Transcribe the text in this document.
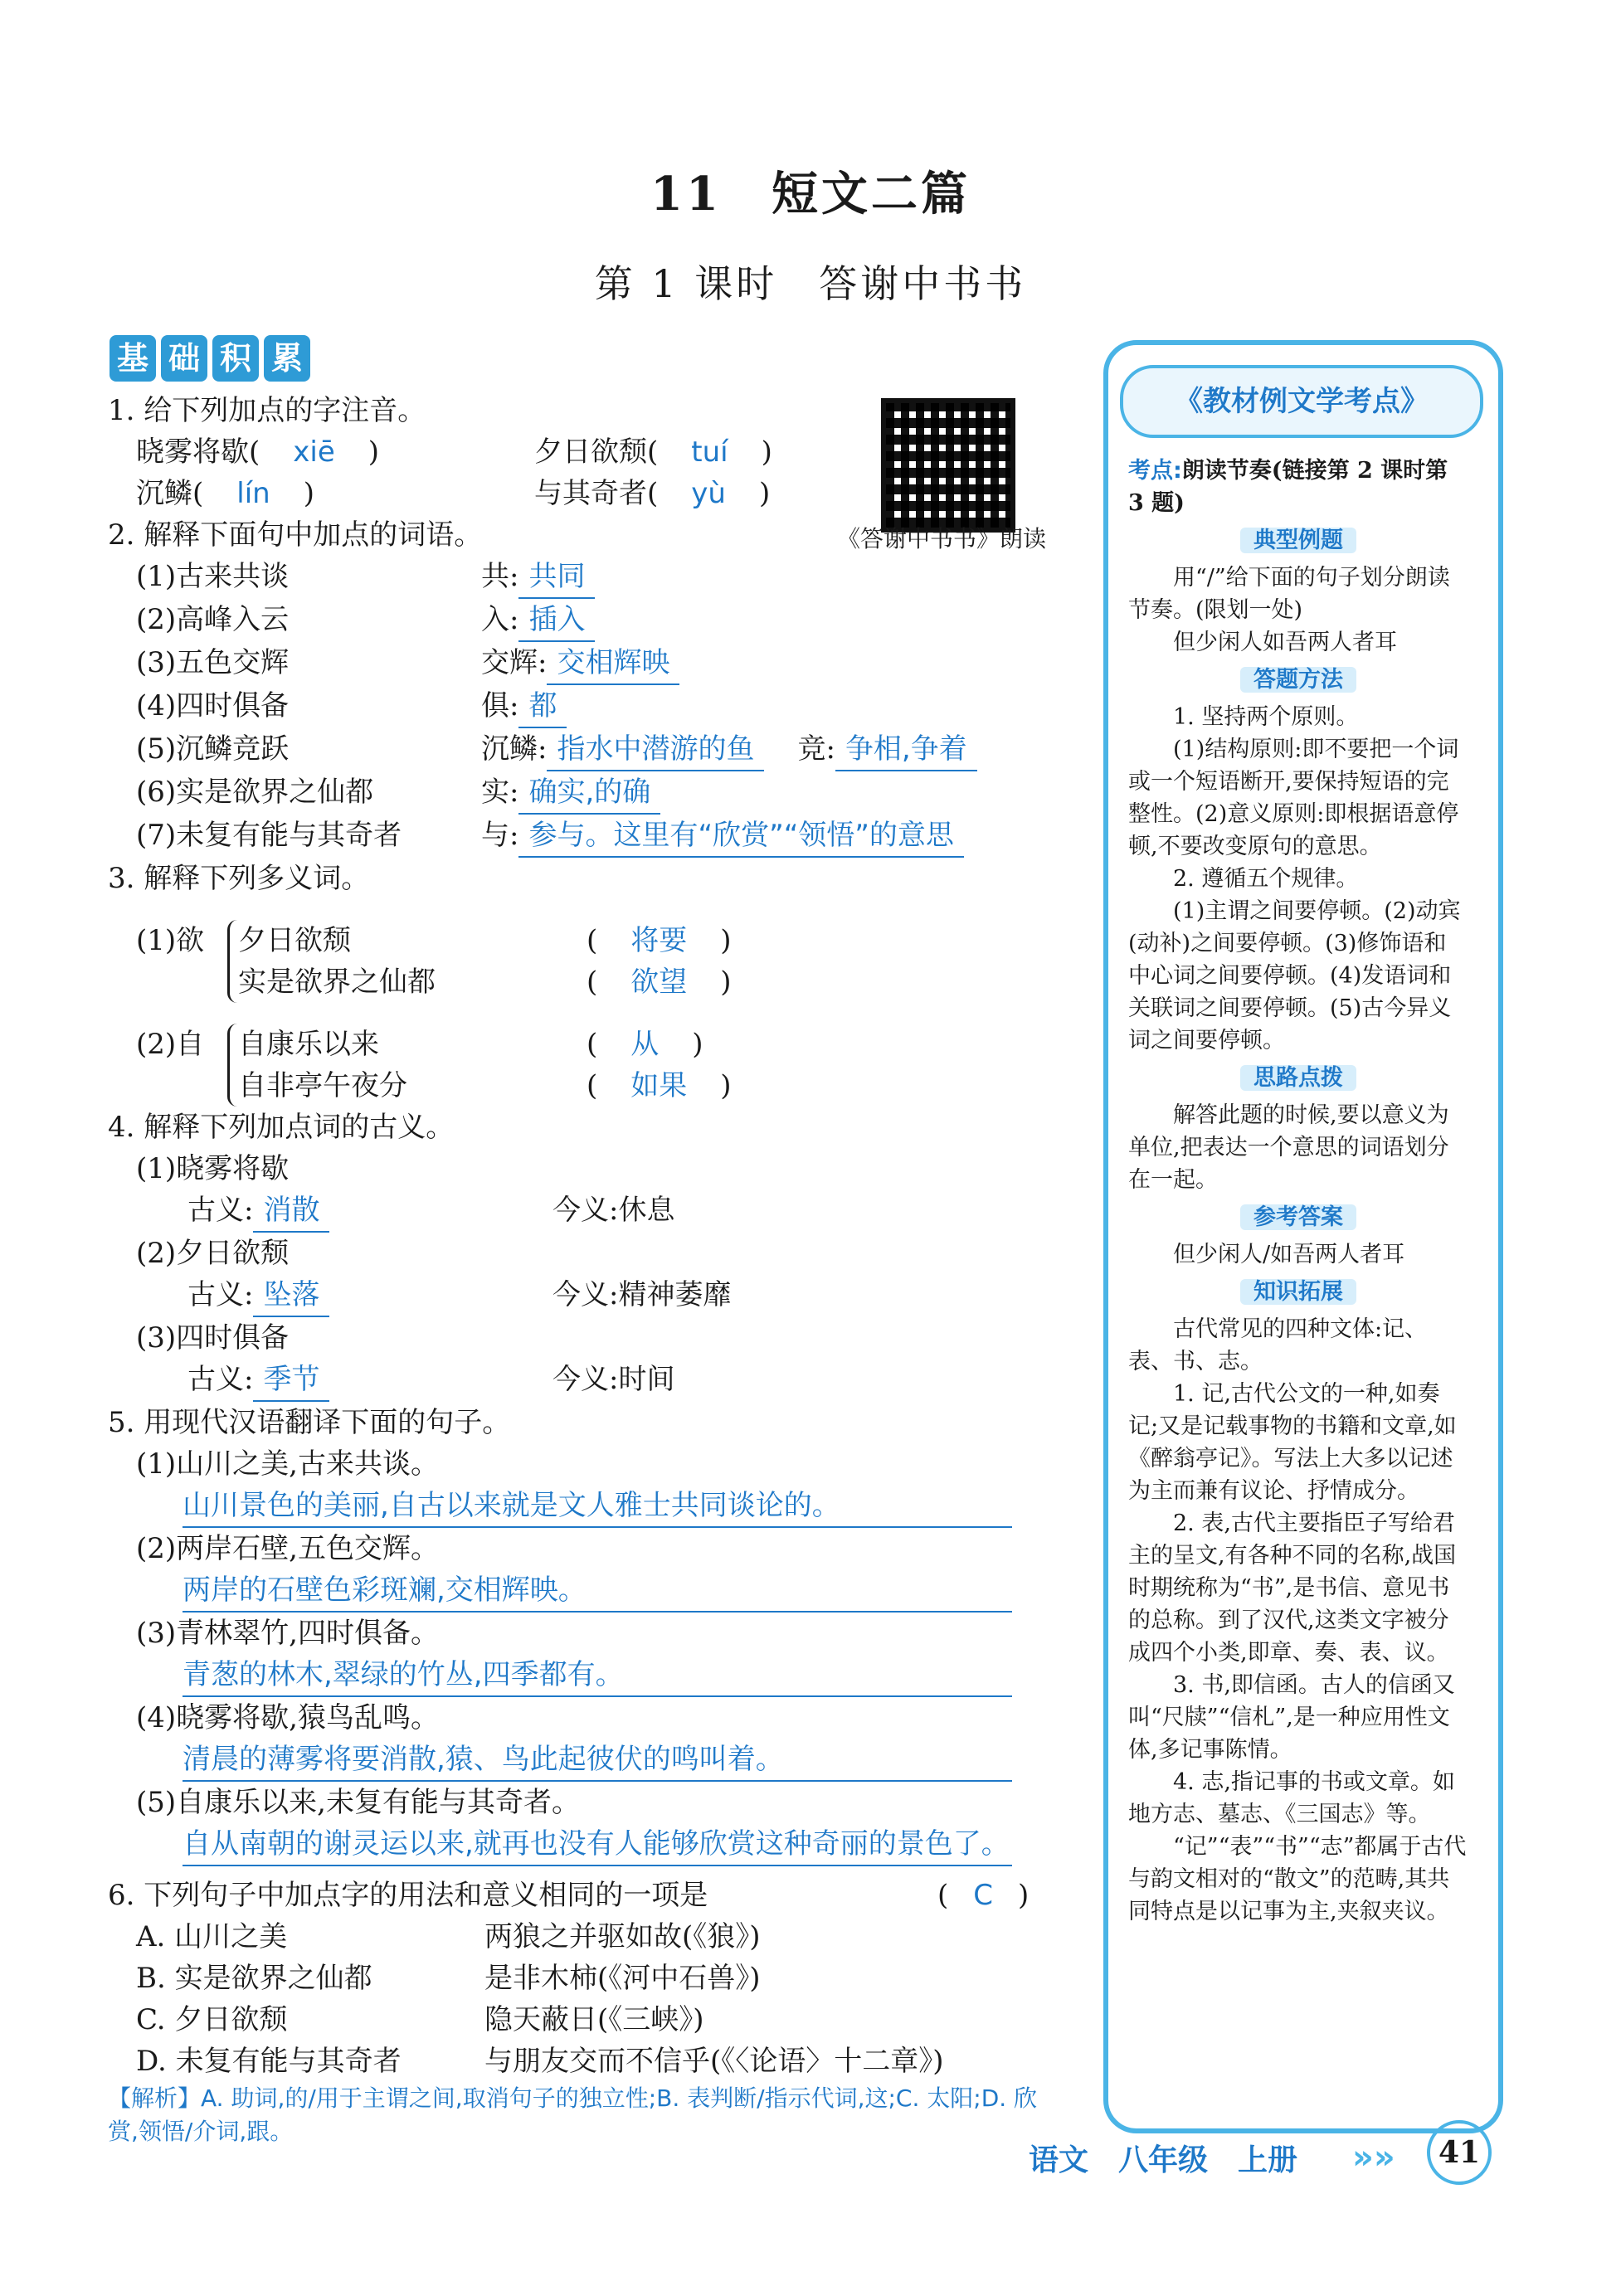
11　短文二篇
第 1 课时　答谢中书书
基 础 积 累
《答谢中书书》朗读
1. 给下列加点的字注音。
晓雾将歇( xiē )	夕日欲颓( tuí )
沉鳞( lín )	与其奇者( yù )
2. 解释下面句中加点的词语。
(1)古来共谈	共: 共同
(2)高峰入云	入: 插入
(3)五色交辉	交辉: 交相辉映
(4)四时俱备	俱: 都
(5)沉鳞竞跃	沉鳞: 指水中潜游的鱼	竞: 争相,争着
(6)实是欲界之仙都	实: 确实,的确
(7)未复有能与其奇者	与: 参与。这里有“欣赏”“领悟”的意思
3. 解释下列多义词。
(1)欲	夕日欲颓	(	将要	)
实是欲界之仙都	(	欲望	)
(2)自	自康乐以来	(	从	)
自非亭午夜分	(	如果	)
4. 解释下列加点词的古义。
(1)晓雾将歇
古义: 消散	今义:休息
(2)夕日欲颓
古义: 坠落	今义:精神萎靡
(3)四时俱备
古义: 季节	今义:时间
5. 用现代汉语翻译下面的句子。
(1)山川之美,古来共谈。
山川景色的美丽,自古以来就是文人雅士共同谈论的。
(2)两岸石壁,五色交辉。
两岸的石壁色彩斑斓,交相辉映。
(3)青林翠竹,四时俱备。
青葱的林木,翠绿的竹丛,四季都有。
(4)晓雾将歇,猿鸟乱鸣。
清晨的薄雾将要消散,猿、鸟此起彼伏的鸣叫着。
(5)自康乐以来,未复有能与其奇者。
自从南朝的谢灵运以来,就再也没有人能够欣赏这种奇丽的景色了。
6. 下列句子中加点字的用法和意义相同的一项是	( C )
A. 山川之美	两狼之并驱如故(《狼》)
B. 实是欲界之仙都	是非木柿(《河中石兽》)
C. 夕日欲颓	隐天蔽日(《三峡》)
D. 未复有能与其奇者	与朋友交而不信乎(《〈论语〉十二章》)
【解析】A. 助词,的/用于主谓之间,取消句子的独立性;B. 表判断/指示代词,这;C. 太阳;D. 欣赏,领悟/介词,跟。
《教材例文学考点》
考点:朗读节奏(链接第 2 课时第 3 题)
典型例题

用“/”给下面的句子划分朗读节奏。(限划一处)

但少闲人如吾两人者耳

答题方法

1. 坚持两个原则。

(1)结构原则:即不要把一个词或一个短语断开,要保持短语的完整性。(2)意义原则:即根据语意停顿,不要改变原句的意思。

2. 遵循五个规律。

(1)主谓之间要停顿。(2)动宾(动补)之间要停顿。(3)修饰语和中心词之间要停顿。(4)发语词和关联词之间要停顿。(5)古今异义词之间要停顿。

思路点拨

解答此题的时候,要以意义为单位,把表达一个意思的词语划分在一起。

参考答案

但少闲人/如吾两人者耳

知识拓展

古代常见的四种文体:记、表、书、志。

1. 记,古代公文的一种,如奏记;又是记载事物的书籍和文章,如《醉翁亭记》。写法上大多以记述为主而兼有议论、抒情成分。

2. 表,古代主要指臣子写给君主的呈文,有各种不同的名称,战国时期统称为“书”,是书信、意见书的总称。到了汉代,这类文字被分成四个小类,即章、奏、表、议。

3. 书,即信函。古人的信函又叫“尺牍”“信札”,是一种应用性文体,多记事陈情。

4. 志,指记事的书或文章。如地方志、墓志、《三国志》等。

“记”“表”“书”“志”都属于古代与韵文相对的“散文”的范畴,其共同特点是以记事为主,夹叙夹议。

语文　八年级　上册 »»	41
